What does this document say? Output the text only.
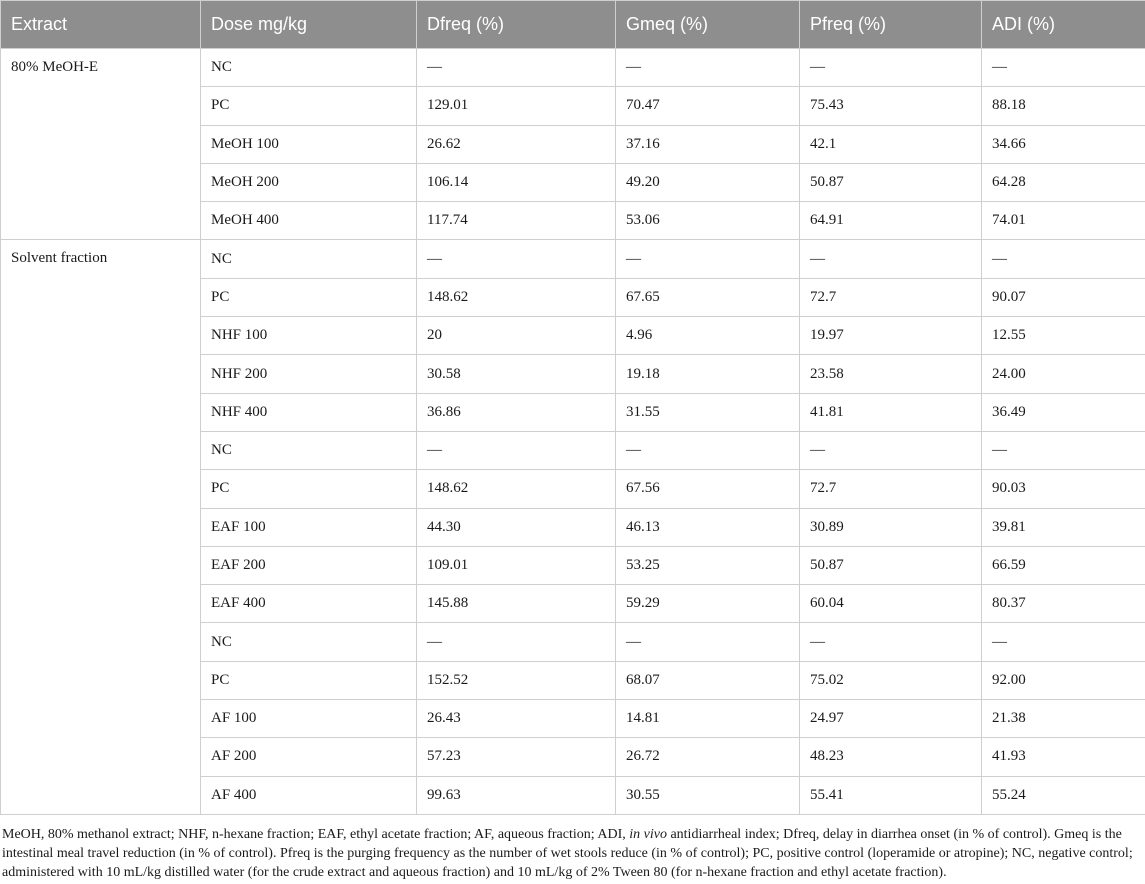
Extract	Dose mg/kg	Dfreq (%)	Gmeq (%)	Pfreq (%)	ADI (%)
80% MeOH-E	NC	—	—	—	—
	PC	129.01	70.47	75.43	88.18
	MeOH 100	26.62	37.16	42.1	34.66
	MeOH 200	106.14	49.20	50.87	64.28
	MeOH 400	117.74	53.06	64.91	74.01
Solvent fraction	NC	—	—	—	—
	PC	148.62	67.65	72.7	90.07
	NHF 100	20	4.96	19.97	12.55
	NHF 200	30.58	19.18	23.58	24.00
	NHF 400	36.86	31.55	41.81	36.49
	NC	—	—	—	—
	PC	148.62	67.56	72.7	90.03
	EAF 100	44.30	46.13	30.89	39.81
	EAF 200	109.01	53.25	50.87	66.59
	EAF 400	145.88	59.29	60.04	80.37
	NC	—	—	—	—
	PC	152.52	68.07	75.02	92.00
	AF 100	26.43	14.81	24.97	21.38
	AF 200	57.23	26.72	48.23	41.93
	AF 400	99.63	30.55	55.41	55.24
MeOH, 80% methanol extract; NHF, n-hexane fraction; EAF, ethyl acetate fraction; AF, aqueous fraction; ADI, in vivo antidiarrheal index; Dfreq, delay in diarrhea onset (in % of control). Gmeq is the intestinal meal travel reduction (in % of control). Pfreq is the purging frequency as the number of wet stools reduce (in % of control); PC, positive control (loperamide or atropine); NC, negative control; administered with 10 mL/kg distilled water (for the crude extract and aqueous fraction) and 10 mL/kg of 2% Tween 80 (for n-hexane fraction and ethyl acetate fraction).
